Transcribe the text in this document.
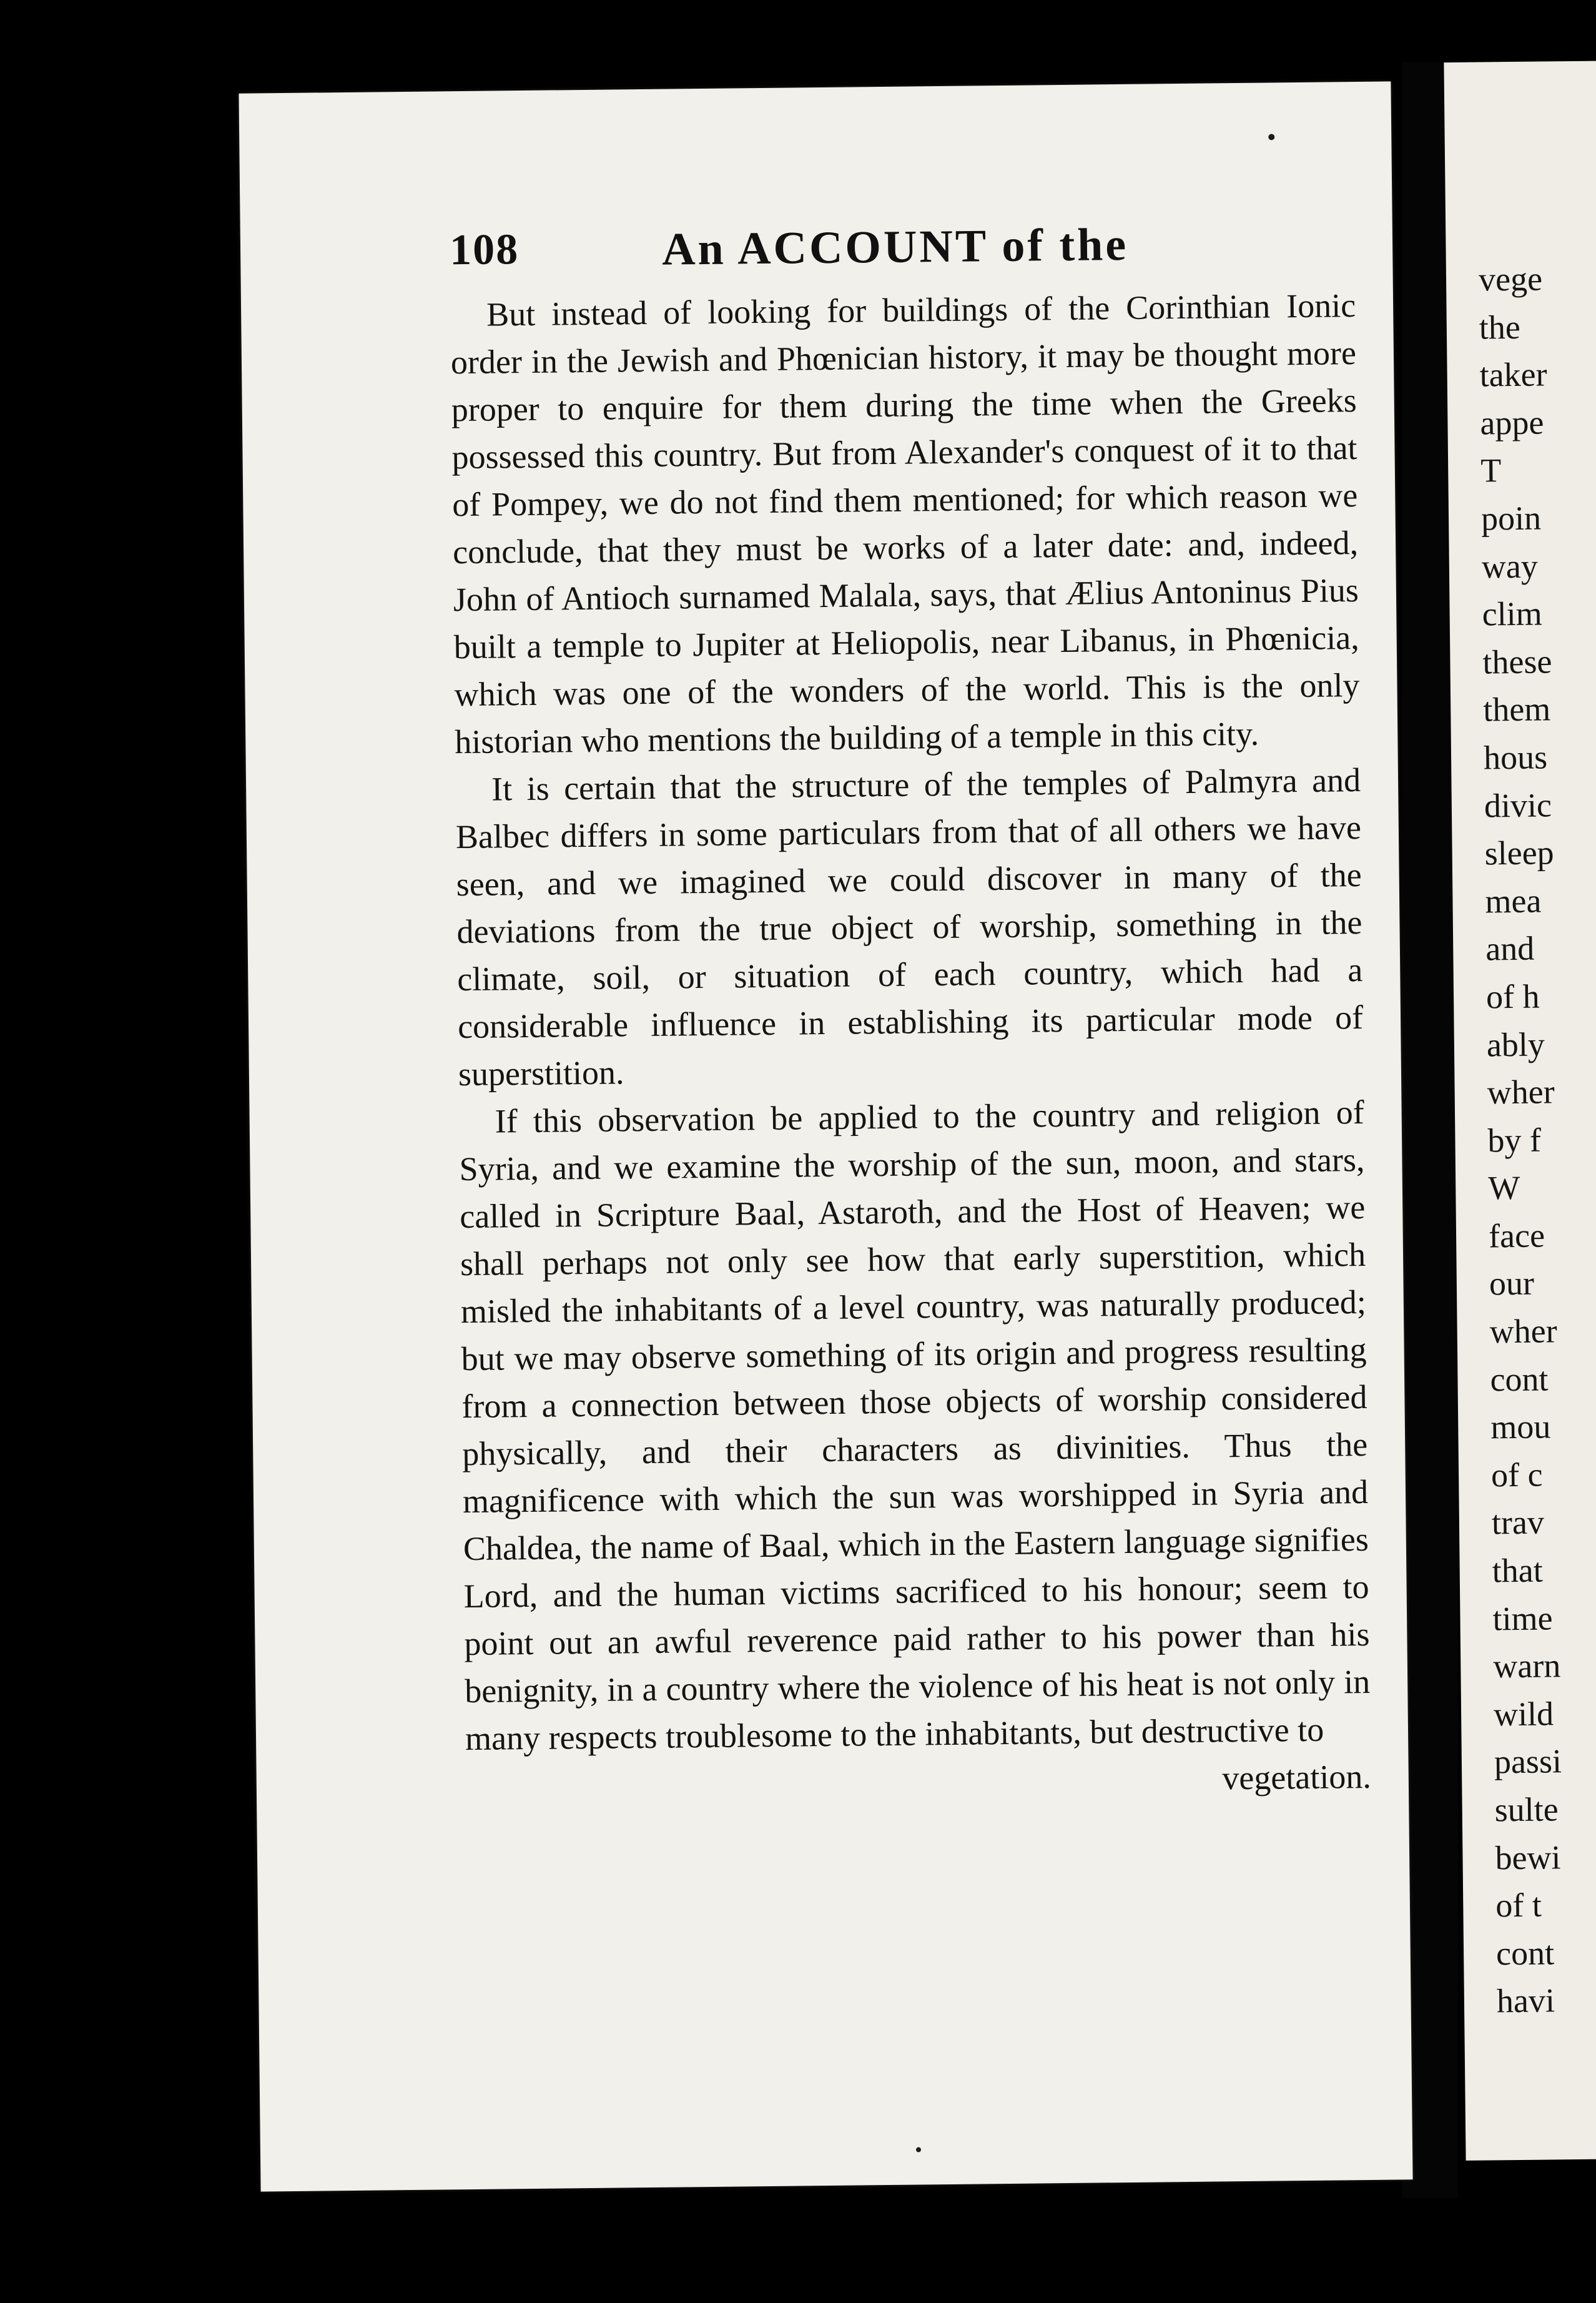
108	An ACCOUNT of the

But instead of looking for buildings of the Corinthian Ionic order in the Jewish and Phœnician history, it may be thought more proper to enquire for them during the time when the Greeks possessed this country. But from Alexander's conquest of it to that of Pompey, we do not find them mentioned; for which reason we conclude, that they must be works of a later date: and, indeed, John of Antioch surnamed Malala, says, that Ælius Antoninus Pius built a temple to Jupiter at Heliopolis, near Libanus, in Phœnicia, which was one of the wonders of the world. This is the only historian who mentions the building of a temple in this city.

It is certain that the structure of the temples of Palmyra and Balbec differs in some particulars from that of all others we have seen, and we imagined we could discover in many of the deviations from the true object of worship, something in the climate, soil, or situation of each country, which had a considerable influence in establishing its particular mode of superstition.

If this observation be applied to the country and religion of Syria, and we examine the worship of the sun, moon, and stars, called in Scripture Baal, Astaroth, and the Host of Heaven; we shall perhaps not only see how that early superstition, which misled the inhabitants of a level country, was naturally produced; but we may observe something of its origin and progress resulting from a connection between those objects of worship considered physically, and their characters as divinities. Thus the magnificence with which the sun was worshipped in Syria and Chaldea, the name of Baal, which in the Eastern language signifies Lord, and the human victims sacrificed to his honour; seem to point out an awful reverence paid rather to his power than his benignity, in a country where the violence of his heat is not only in many respects troublesome to the inhabitants, but destructive to

vegetation.
vege
the
taker
appe
T
poin
way
clim
these
them
hous
divic
sleep
mea
and
of h
ably
wher
by f
W
face
our
wher
cont
mou
of c
trav
that
time
warn
wild
passi
sulte
bewi
of t
cont
havi
